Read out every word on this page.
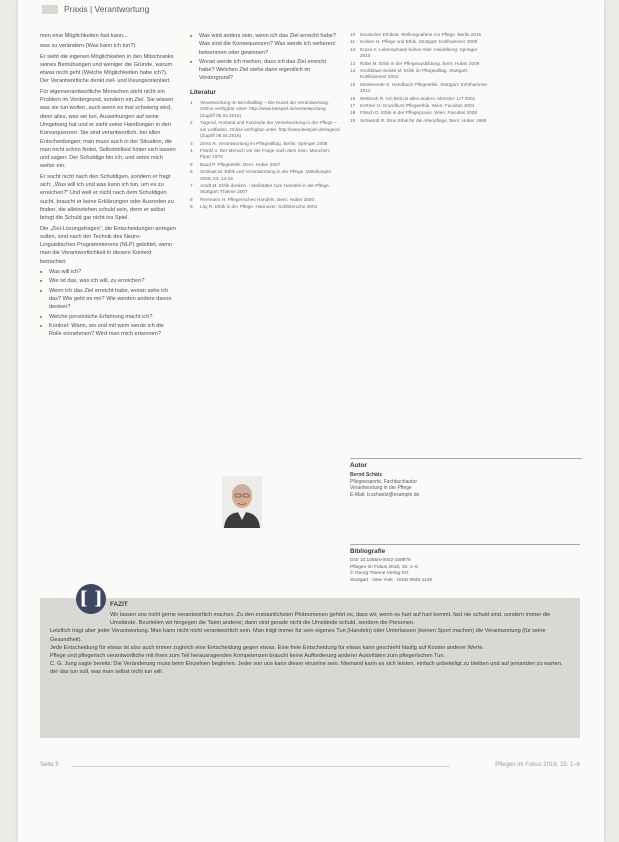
Praxis | Verantwortung

men eine Möglichkeiten fast kann...

was zu verändern (Was kann ich tun?).

Er sieht die eigenen Möglichkeiten in den Mitschranks seines Bemühungen und weniger die Gründe, warum etwas nicht geht (Welche Möglichkeiten habe ich?). Der Verantwortliche denkt ziel- und lösungsorientiert.

Für eigenverantwortliche Menschen steht nicht ein Problem im Vordergrund, sondern ein Ziel. Sie wissen was sie tun wollen, auch wenn es mal schwierig wird, denn alles, was sie tun, Auswirkungen auf seine Umgebung hat und er sieht seine Handlungen in den Konsequenzen. Sie sind verantwortlich, bei allen Entscheidungen; man muss auch in der Situation, die man nicht schön findet, Selbstmitleid hinter sich lassen und sagen: Der Schuldige bin ich, und setze mich weiter ein.

Er sucht nicht nach den Schuldigen, sondern er fragt sich: „Was will ich und was kann ich tun, um es zu erreichen?“ Und weil er nicht nach dem Schuldigen sucht, braucht er keine Erklärungen oder Ausreden zu finden, die alleinstehen schuld sein, denn er selbst bringt die Schuld gar nicht ins Spiel.

Die „Ziel-Lösungsfragen“, die Entscheidungen anregen sollen, sind nach der Technik des Neuro-Linguistischen Programmierens (NLP) gebildet, wenn man die Verantwortlichkeit in diesem Kontext betrachtet:

■ Was will ich?
■ Wie ist das, was ich will, zu erreichen?
■ Wenn ich das Ziel erreicht habe, woran sehe ich das? Wie geht es mir? Wie werden andere davon denken?
■ Welche persönliche Erfahrung macht ich?
■ Konkret: Wann, wo und mit wem werde ich die Rolle einnehmen? Wird man mich erkennen?
■ Was wird anders sein, wenn ich das Ziel erreicht habe? Was sind die Konsequenzen? Was werde ich verlieren/ bekommen oder gewinnen?
■ Woran werde ich merken, dass ich das Ziel erreicht habe? Welchen Ziel stehe dann eigentlich im Vordergrund?
Literatur
1	Verantwortung im Berufsalltag – Die Kunst der Verantwortung. Online verfügbar unter: http://www.beispiel.de/verantwortung (Zugriff 05.04.2016)
2	Tugend, Anstand und Konzepte der Verantwortung in der Pflege – ein Leitfaden. Online verfügbar unter: http://www.beispiel.de/tugend (Zugriff 08.04.2016)
3	Zeiss R. Verantwortung im Pflegealltag. Berlin: Springer 2008
4	Frankl V. Der Mensch vor der Frage nach dem Sinn. München: Piper 1979
5	Baud P. Pflegeethik. Bern: Huber 2007
6	Schlaak M. Ethik und Verantwortung in der Pflege. Mitteilungen 2006; 23: 14-19
7	Arndt M. Ethik denken – Maßstäbe zum Handeln in der Pflege. Stuttgart: Thieme 2007
8	Remmers H. Pflegerisches Handeln. Bern: Huber 2000
9	Lay R. Ethik in der Pflege. Hannover: Schlütersche 2004
10	Deutscher Ethikrat. Stellungnahme zur Pflege. Berlin 2016
11	Kohlen H. Pflege und Ethik. Stuttgart: Kohlhammer 2009
12	Kruse A. Lebensphase hohes Alter. Heidelberg: Springer 2010
13	Rabe M. Ethik in der Pflegeausbildung. Bern: Huber 2009
14	Großklaus-Seidel M. Ethik im Pflegealltag. Stuttgart: Kohlhammer 2002
15	Monteverde S. Handbuch Pflegeethik. Stuttgart: Kohlhammer 2012
16	Wettreck R. Am Bett ist alles anders. Münster: LIT 2001
17	Körtner U. Grundkurs Pflegeethik. Wien: Facultas 2004
18	Fölsch D. Ethik in der Pflegepraxis. Wien: Facultas 2008
19	Schwerdt R. Eine Ethik für die Altenpflege. Bern: Huber 1998
Autor
Bernd Schätz
Pflegeexperte, Fachbuchautor
Verantwortung in der Pflege
E-Mail: b.schaetz@example.de
Bibliografie
DOI 10.1055/s-0042-108876
Pflegen im Fokus 2016; 15: 1–6
© Georg Thieme Verlag KG
Stuttgart · New York · ISSN 0945-1129
[ ]	FAZIT

Wir lassen uns nicht gerne verantwortlich machen. Zu den erstaunlichsten Phänomenen gehört es, dass wir, wenn es hart auf hart kommt, fast nie schuld sind, sondern immer die Umstände. Beurteilen wir hingegen die Taten anderer, dann sind gerade nicht die Umstände schuld, sondern die Personen.

Letztlich trägt aber jeder Verantwortung. Man kann nicht nicht verantwortlich sein. Man trägt immer für sein eigenes Tun (Handeln) oder Unterlassen (keinen Sport machen) die Verantwortung (für seine Gesundheit).

Jede Entscheidung für etwas ist also auch immer zugleich eine Entscheidung gegen etwas. Eine freie Entscheidung für etwas kann geschieht häufig auf Kosten anderer Werte.

Pflege und pflegerisch verantwortliche mit ihren zum Teil herausragenden Kompetenzen braucht keine Aufforderung anderer Autoritäten zum pflegerischen Tun.

C. G. Jung sagte bereits: Die Veränderung muss beim Einzelnen beginnen. Jeder von uns kann dieser einzelne sein. Niemand kann es sich leisten, einfach unbeteiligt zu bleiben und auf jemanden zu warten, der das tun soll, was man selbst nicht tun will.

Seite 5	Pflegen im Fokus 2016; 15: 1–6
